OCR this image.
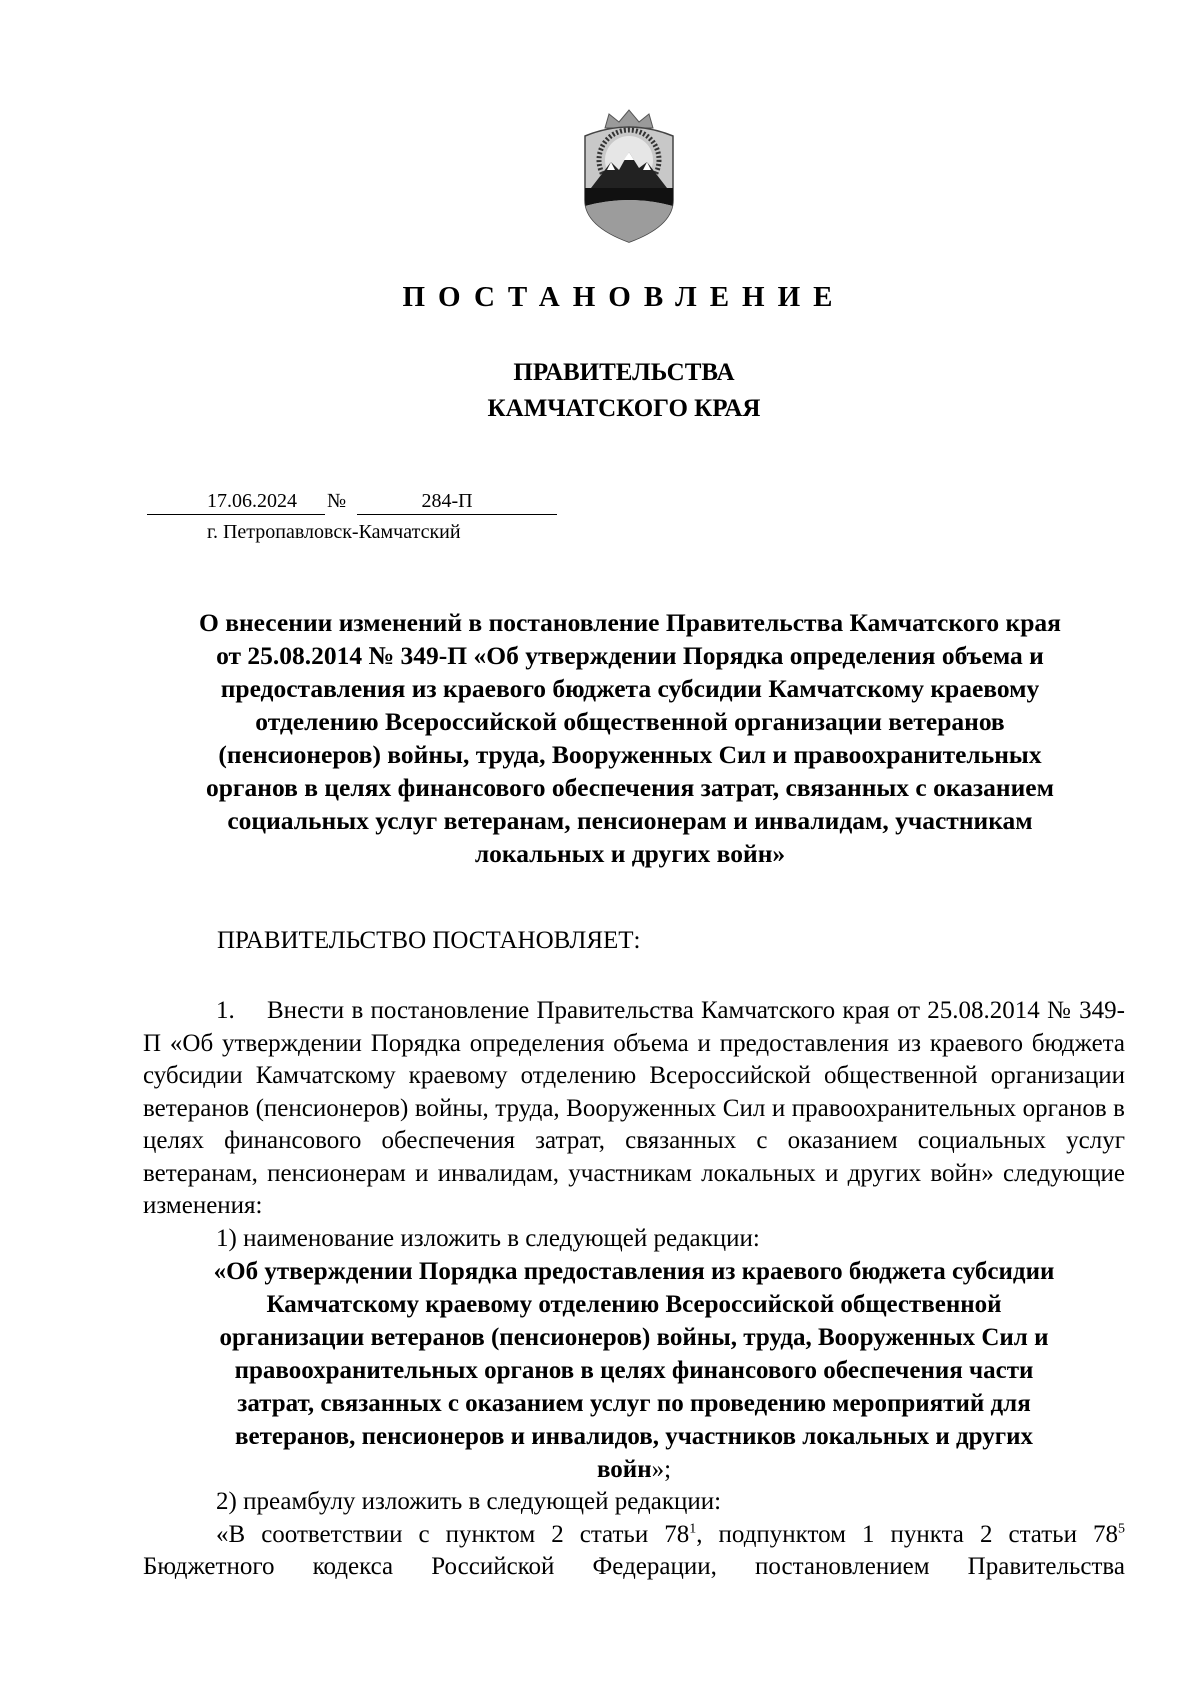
ПОСТАНОВЛЕНИЕ
ПРАВИТЕЛЬСТВА
КАМЧАТСКОГО КРАЯ
17.06.2024	№	284-П
г. Петропавловск-Камчатский
О внесении изменений в постановление Правительства Камчатского края
от 25.08.2014 № 349-П «Об утверждении Порядка определения объема и
предоставления из краевого бюджета субсидии Камчатскому краевому
отделению Всероссийской общественной организации ветеранов
(пенсионеров) войны, труда, Вооруженных Сил и правоохранительных
органов в целях финансового обеспечения затрат, связанных с оказанием
социальных услуг ветеранам, пенсионерам и инвалидам, участникам
локальных и других войн»
ПРАВИТЕЛЬСТВО ПОСТАНОВЛЯЕТ:

1.  Внести в постановление Правительства Камчатского края от 25.08.2014 № 349-П «Об утверждении Порядка определения объема и предоставления из краевого бюджета субсидии Камчатскому краевому отделению Всероссийской общественной организации ветеранов (пенсионеров) войны, труда, Вооруженных Сил и правоохранительных органов в целях финансового обеспечения затрат, связанных с оказанием социальных услуг ветеранам, пенсионерам и инвалидам, участникам локальных и других войн» следующие изменения:

1) наименование изложить в следующей редакции:

«Об утверждении Порядка предоставления из краевого бюджета субсидии
Камчатскому краевому отделению Всероссийской общественной
организации ветеранов (пенсионеров) войны, труда, Вооруженных Сил и
правоохранительных органов в целях финансового обеспечения части
затрат, связанных с оказанием услуг по проведению мероприятий для
ветеранов, пенсионеров и инвалидов, участников локальных и других
войн»;

2) преамбулу изложить в следующей редакции:

«В соответствии с пунктом 2 статьи $78^1$, подпунктом 1 пункта 2 статьи $78^5$ Бюджетного кодекса Российской Федерации, постановлением Правительства
